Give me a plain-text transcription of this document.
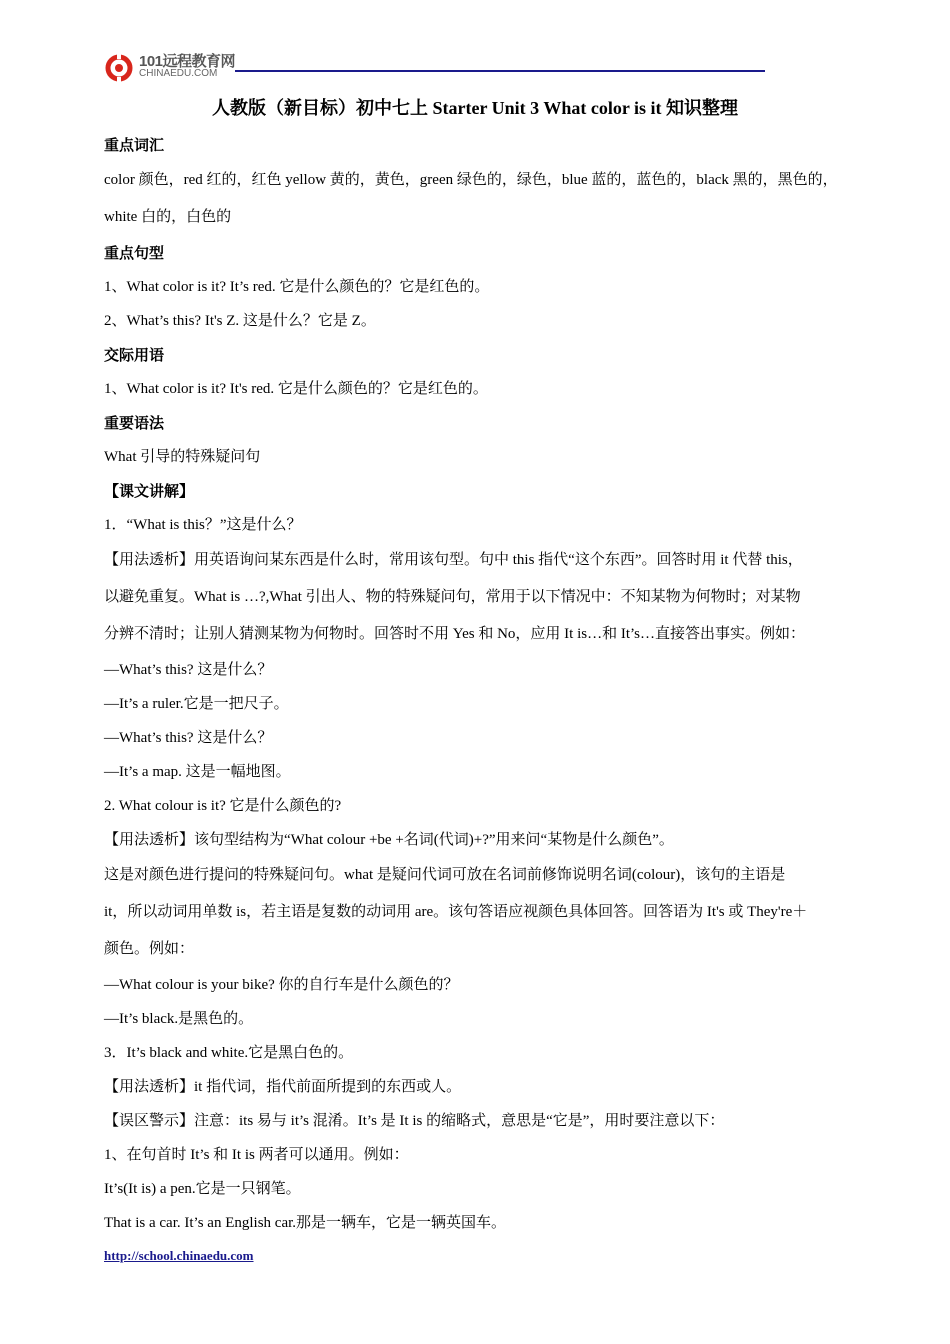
101远程教育网
CHINAEDU.COM
人教版（新目标）初中七上 Starter Unit 3 What color is it 知识整理
重点词汇
color 颜色，red 红的，红色 yellow 黄的，黄色，green 绿色的，绿色，blue 蓝的，蓝色的，black 黑的，黑色的，
white 白的，白色的
重点句型
1、What color is it? It’s red. 它是什么颜色的？它是红色的。
2、What’s this? It's Z. 这是什么？它是 Z。
交际用语
1、What color is it? It's red. 它是什么颜色的？它是红色的。
重要语法
What 引导的特殊疑问句
【课文讲解】
1．“What is this？”这是什么？
【用法透析】用英语询问某东西是什么时，常用该句型。句中 this 指代“这个东西”。回答时用 it 代替 this，
以避免重复。What is …?,What 引出人、物的特殊疑问句，常用于以下情况中：不知某物为何物时；对某物
分辨不清时；让别人猜测某物为何物时。回答时不用 Yes 和 No，应用 It is…和 It’s…直接答出事实。例如：
—What’s this? 这是什么？
—It’s a ruler.它是一把尺子。
—What’s this? 这是什么？
—It’s a map. 这是一幅地图。
2. What colour is it? 它是什么颜色的?
【用法透析】该句型结构为“What colour +be +名词(代词)+?”用来问“某物是什么颜色”。
这是对颜色进行提问的特殊疑问句。what 是疑问代词可放在名词前修饰说明名词(colour)，该句的主语是
it，所以动词用单数 is，若主语是复数的动词用 are。该句答语应视颜色具体回答。回答语为 It's 或 They're＋
颜色。例如：
—What colour is your bike? 你的自行车是什么颜色的？
—It’s black.是黑色的。
3．It’s black and white.它是黑白色的。
【用法透析】it 指代词，指代前面所提到的东西或人。
【误区警示】注意：its 易与 it’s 混淆。It’s 是 It is 的缩略式，意思是“它是”，用时要注意以下：
1、在句首时 It’s 和 It is 两者可以通用。例如：
It’s(It is) a pen.它是一只钢笔。
That is a car. It’s an English car.那是一辆车，它是一辆英国车。
http://school.chinaedu.com
